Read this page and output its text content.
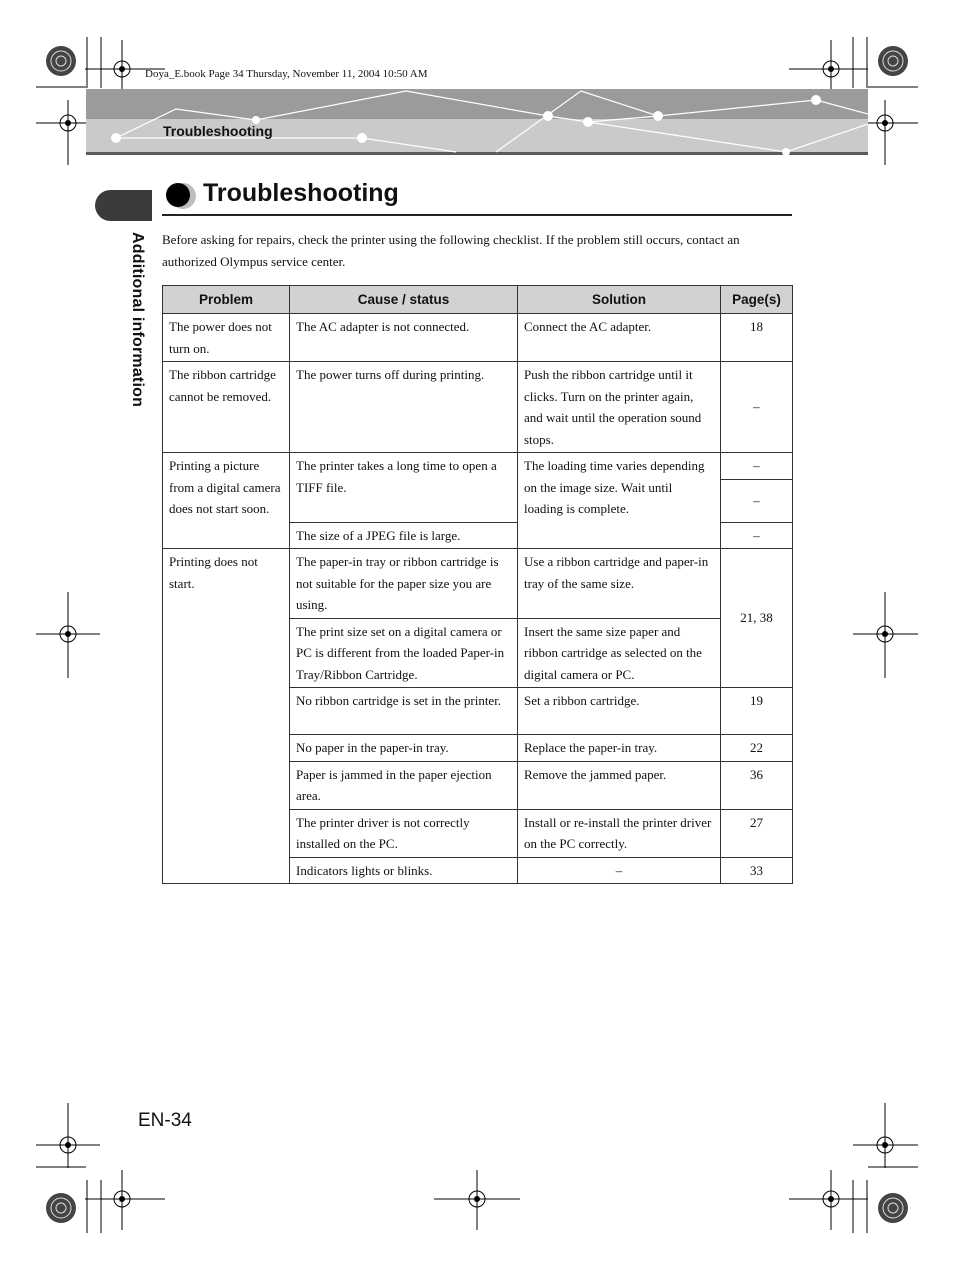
Doya_E.book Page 34 Thursday, November 11, 2004 10:50 AM
Troubleshooting
Additional information
Troubleshooting
Before asking for repairs, check the printer using the following checklist. If the problem still occurs, contact an authorized Olympus service center.
Problem	Cause / status	Solution	Page(s)
The power does not turn on.	The AC adapter is not connected.	Connect the AC adapter.	18
The ribbon cartridge cannot be removed.	The power turns off during printing.	Push the ribbon cartridge until it clicks. Turn on the printer again, and wait until the operation sound stops.	–
Printing a picture from a digital camera does not start soon.	The printer takes a long time to open a TIFF file.	The loading time varies depending on the image size. Wait until loading is complete.	–
			–
	The size of a JPEG file is large.		–
Printing does not start.	The paper-in tray or ribbon cartridge is not suitable for the paper size you are using.	Use a ribbon cartridge and paper-in tray of the same size.	21, 38
	The print size set on a digital camera or PC is different from the loaded Paper-in Tray/Ribbon Cartridge.	Insert the same size paper and ribbon cartridge as selected on the digital camera or PC.	
	No ribbon cartridge is set in the printer.	Set a ribbon cartridge.	19
	No paper in the paper-in tray.	Replace the paper-in tray.	22
	Paper is jammed in the paper ejection area.	Remove the jammed paper.	36
	The printer driver is not correctly installed on the PC.	Install or re-install the printer driver on the PC correctly.	27
	Indicators lights or blinks.	–	33
EN-34
